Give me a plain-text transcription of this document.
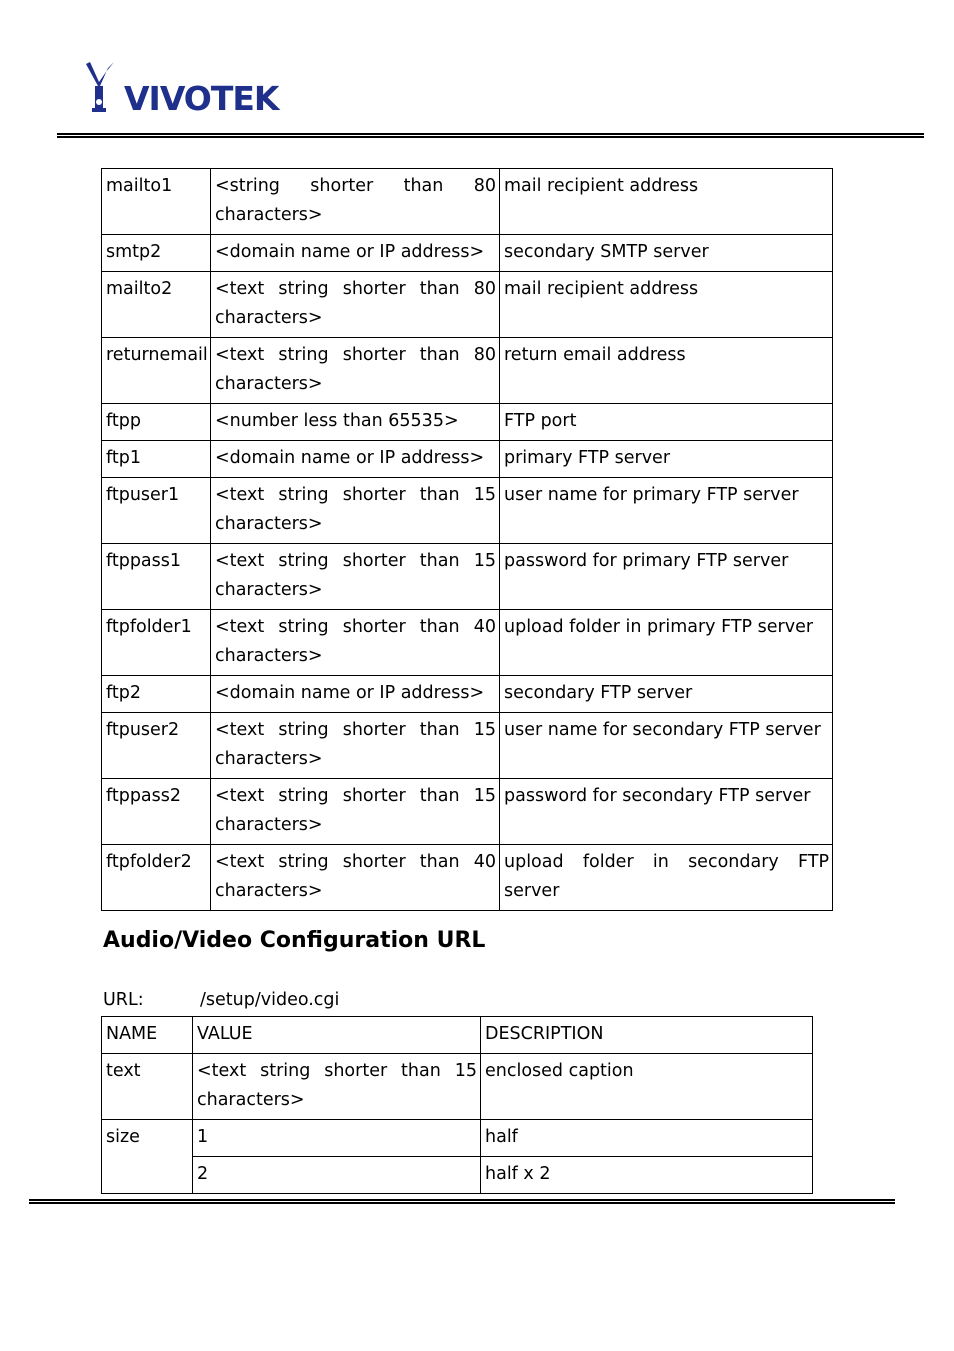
VIVOTEK
mailto1	<string shorter than 80
characters>	mail recipient address
smtp2	<domain name or IP address>	secondary SMTP server
mailto2	<text string shorter than 80
characters>	mail recipient address
returnemail	<text string shorter than 80
characters>	return email address
ftpp	<number less than 65535>	FTP port
ftp1	<domain name or IP address>	primary FTP server
ftpuser1	<text string shorter than 15
characters>	user name for primary FTP server
ftppass1	<text string shorter than 15
characters>	password for primary FTP server
ftpfolder1	<text string shorter than 40
characters>	upload folder in primary FTP server
ftp2	<domain name or IP address>	secondary FTP server
ftpuser2	<text string shorter than 15
characters>	user name for secondary FTP server
ftppass2	<text string shorter than 15
characters>	password for secondary FTP server
ftpfolder2	<text string shorter than 40
characters>	upload folder in secondary FTP
server
Audio/Video Configuration URL
URL:	/setup/video.cgi
NAME	VALUE	DESCRIPTION
text	<text string shorter than 15
characters>	enclosed caption
size	1	half
	2	half x 2
